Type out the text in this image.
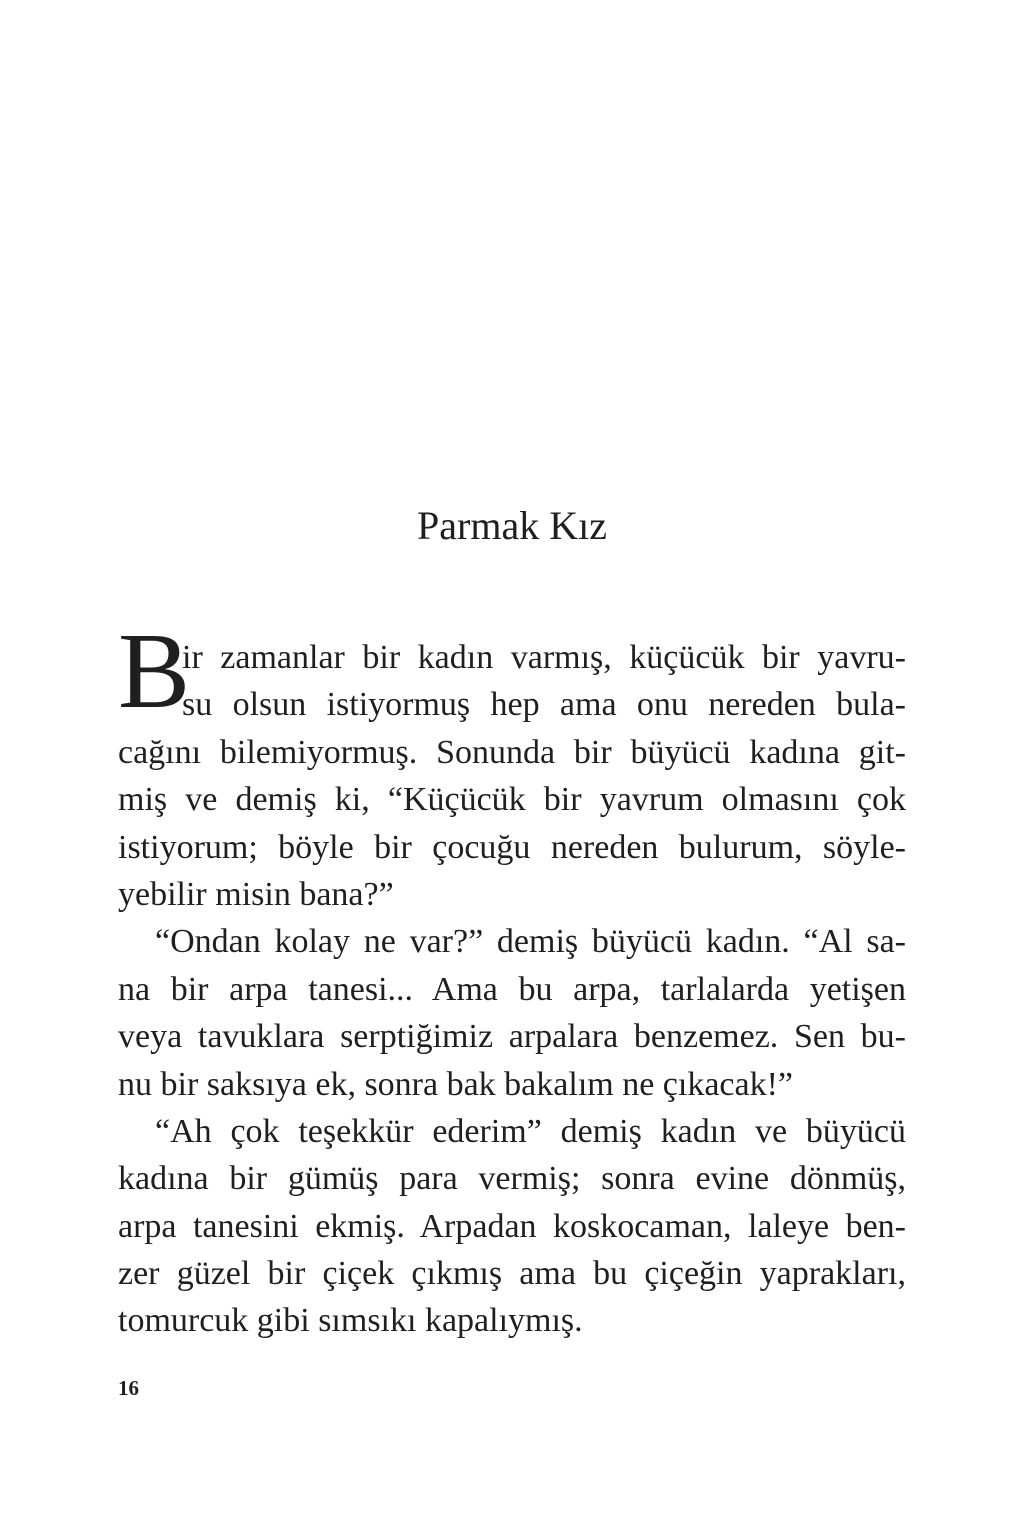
Parmak Kız
B
ir zamanlar bir kadın varmış, küçücük bir yavru-
su olsun istiyormuş hep ama onu nereden bula-
cağını bilemiyormuş. Sonunda bir büyücü kadına git-
miş ve demiş ki, “Küçücük bir yavrum olmasını çok
istiyorum; böyle bir çocuğu nereden bulurum, söyle-
yebilir misin bana?”
“Ondan kolay ne var?” demiş büyücü kadın. “Al sa-
na bir arpa tanesi... Ama bu arpa, tarlalarda yetişen
veya tavuklara serptiğimiz arpalara benzemez. Sen bu-
nu bir saksıya ek, sonra bak bakalım ne çıkacak!”
“Ah çok teşekkür ederim” demiş kadın ve büyücü
kadına bir gümüş para vermiş; sonra evine dönmüş,
arpa tanesini ekmiş. Arpadan koskocaman, laleye ben-
zer güzel bir çiçek çıkmış ama bu çiçeğin yaprakları,
tomurcuk gibi sımsıkı kapalıymış.
16
